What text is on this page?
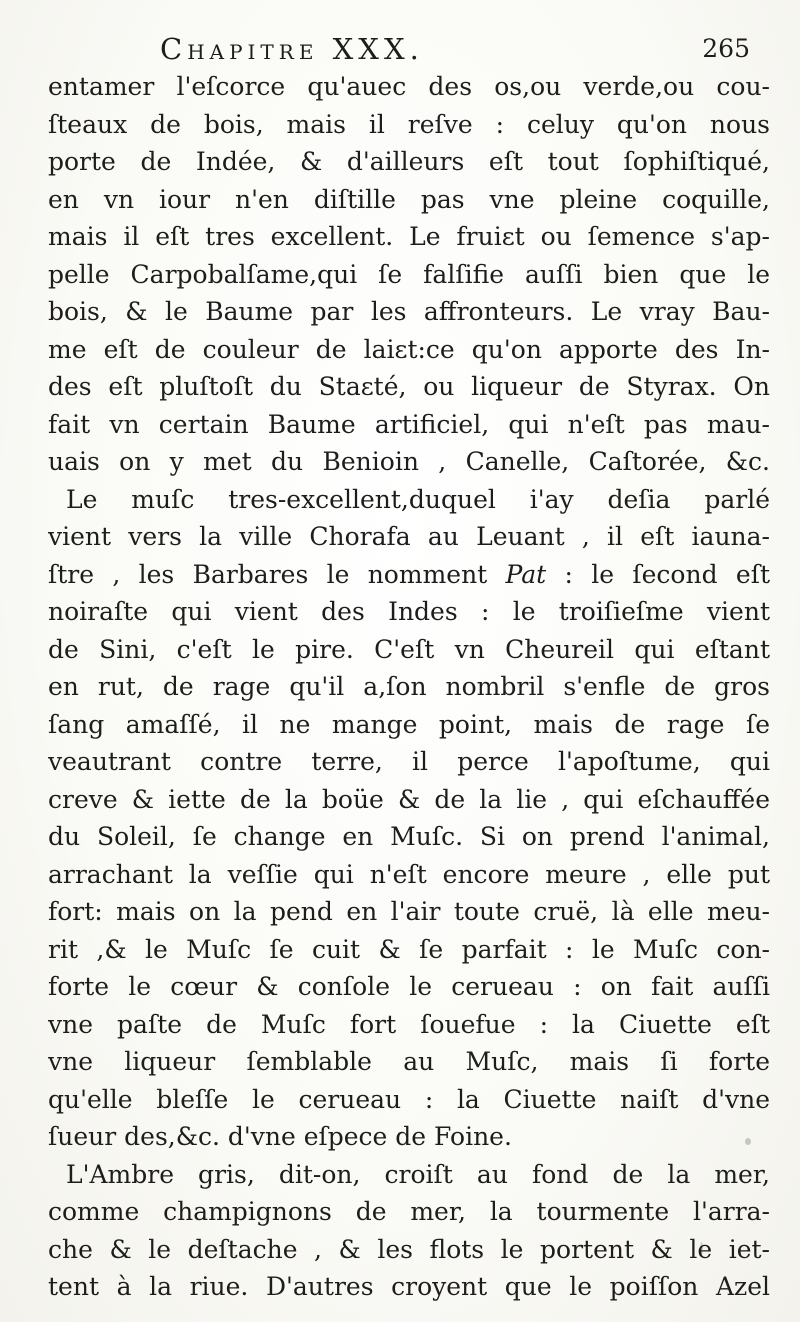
Chapitre XXX.	265
entamer l'eſcorce qu'auec des os,ou verde,ou cou-
ſteaux de bois, mais il reſve : celuy qu'on nous
porte de Indée, & d'ailleurs eſt tout ſophiſtiqué,
en vn iour n'en diſtille pas vne pleine coquille,
mais il eſt tres excellent. Le fruiɛt ou ſemence s'ap-
pelle Carpobalſame,qui ſe falſifie auſſi bien que le
bois, & le Baume par les affronteurs. Le vray Bau-
me eſt de couleur de laiɛt:ce qu'on apporte des In-
des eſt pluſtoſt du Staɛté, ou liqueur de Styrax. On
fait vn certain Baume artificiel, qui n'eſt pas mau-
uais on y met du Benioin , Canelle, Caſtorée, &c.
Le muſc tres-excellent,duquel i'ay deſia parlé
vient vers la ville Chorafa au Leuant , il eſt iauna-
ſtre , les Barbares le nomment Pat : le ſecond eſt
noiraſte qui vient des Indes : le troiſieſme vient
de Sini, c'eſt le pire. C'eſt vn Cheureil qui eſtant
en rut, de rage qu'il a,ſon nombril s'enfle de gros
ſang amaſſé, il ne mange point, mais de rage ſe
veautrant contre terre, il perce l'apoſtume, qui
creve & iette de la boüe & de la lie , qui eſchauffée
du Soleil, ſe change en Muſc. Si on prend l'animal,
arrachant la veſſie qui n'eſt encore meure , elle put
fort: mais on la pend en l'air toute cruë, là elle meu-
rit ,& le Muſc ſe cuit & ſe parfait : le Muſc con-
forte le cœur & conſole le cerueau : on fait auſſi
vne paſte de Muſc fort ſouefue : la Ciuette eſt
vne liqueur ſemblable au Muſc, mais ſi forte
qu'elle bleſſe le cerueau : la Ciuette naiſt d'vne
ſueur des,&c. d'vne eſpece de Foine.
L'Ambre gris, dit-on, croiſt au fond de la mer,
comme champignons de mer, la tourmente l'arra-
che & le deſtache , & les flots le portent & le iet-
tent à la riue. D'autres croyent que le poiſſon Azel
